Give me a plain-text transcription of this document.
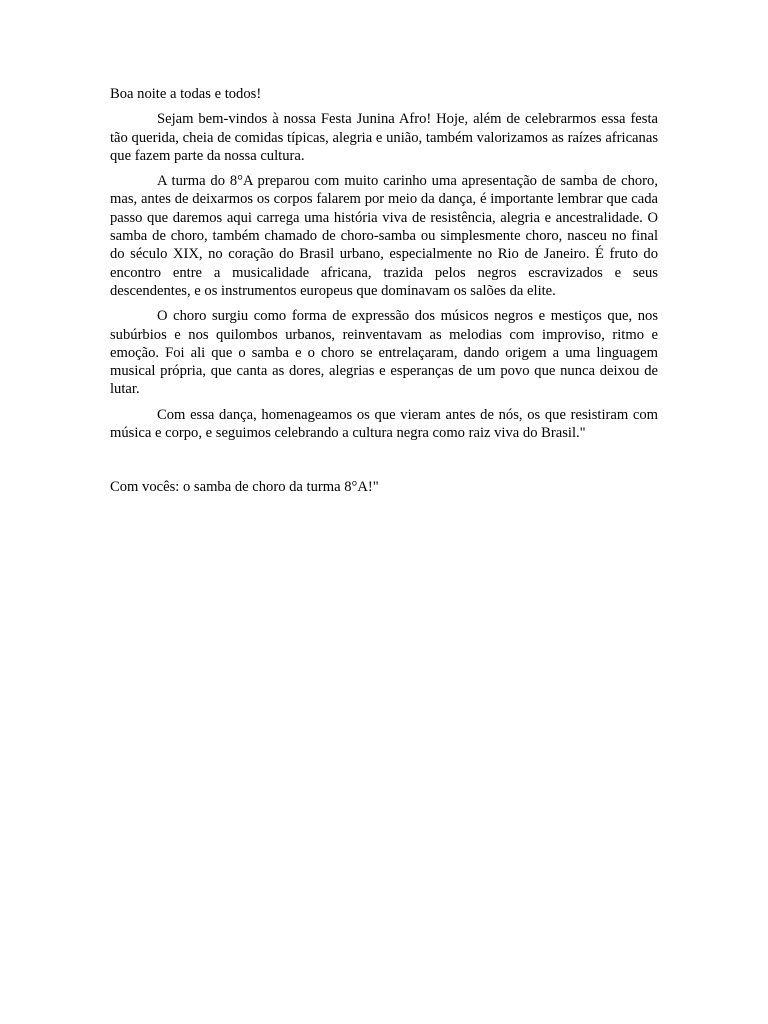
Boa noite a todas e todos!

Sejam bem-vindos à nossa Festa Junina Afro! Hoje, além de celebrarmos essa festa tão querida, cheia de comidas típicas, alegria e união, também valorizamos as raízes africanas que fazem parte da nossa cultura.

A turma do 8°A preparou com muito carinho uma apresentação de samba de choro, mas, antes de deixarmos os corpos falarem por meio da dança, é importante lembrar que cada passo que daremos aqui carrega uma história viva de resistência, alegria e ancestralidade. O samba de choro, também chamado de choro-samba ou simplesmente choro, nasceu no final do século XIX, no coração do Brasil urbano, especialmente no Rio de Janeiro. É fruto do encontro entre a musicalidade africana, trazida pelos negros escravizados e seus descendentes, e os instrumentos europeus que dominavam os salões da elite.

O choro surgiu como forma de expressão dos músicos negros e mestiços que, nos subúrbios e nos quilombos urbanos, reinventavam as melodias com improviso, ritmo e emoção. Foi ali que o samba e o choro se entrelaçaram, dando origem a uma linguagem musical própria, que canta as dores, alegrias e esperanças de um povo que nunca deixou de lutar.

Com essa dança, homenageamos os que vieram antes de nós, os que resistiram com música e corpo, e seguimos celebrando a cultura negra como raiz viva do Brasil."

Com vocês: o samba de choro da turma 8°A!"
